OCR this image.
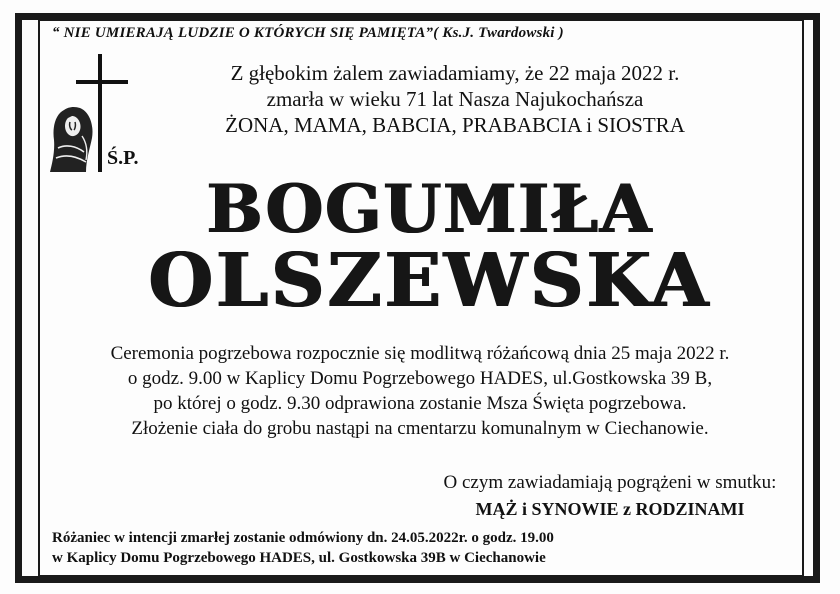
“ NIE UMIERAJĄ LUDZIE O KTÓRYCH SIĘ PAMIĘTA”( Ks.J. Twardowski )
Ś.P.
Z głębokim żalem zawiadamiamy, że 22 maja 2022 r.
zmarła w wieku 71 lat Nasza Najukochańsza
ŻONA, MAMA, BABCIA, PRABABCIA i SIOSTRA
BOGUMIŁA
OLSZEWSKA
Ceremonia pogrzebowa rozpocznie się modlitwą różańcową dnia 25 maja 2022 r.
o godz. 9.00 w Kaplicy Domu Pogrzebowego HADES, ul.Gostkowska 39 B,
po której o godz. 9.30 odprawiona zostanie Msza Święta pogrzebowa.
Złożenie ciała do grobu nastąpi na cmentarzu komunalnym w Ciechanowie.
O czym zawiadamiają pogrążeni w smutku:
MĄŻ i SYNOWIE z RODZINAMI
Różaniec w intencji zmarłej zostanie odmówiony dn. 24.05.2022r. o godz. 19.00
w Kaplicy Domu Pogrzebowego HADES, ul. Gostkowska 39B w Ciechanowie
